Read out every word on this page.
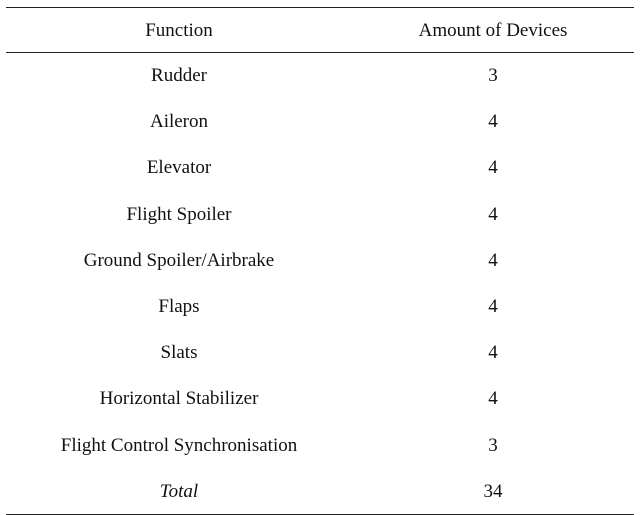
Function	Amount of Devices
Rudder	3
Aileron	4
Elevator	4
Flight Spoiler	4
Ground Spoiler/Airbrake	4
Flaps	4
Slats	4
Horizontal Stabilizer	4
Flight Control Synchronisation	3
Total	34
